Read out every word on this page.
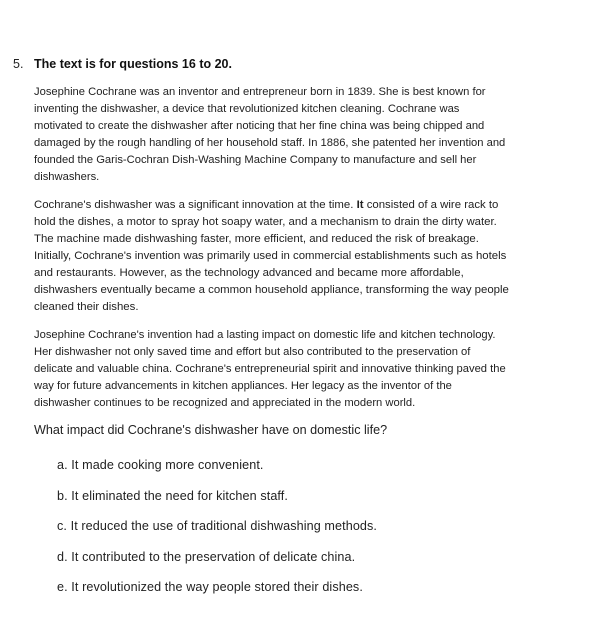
5. The text is for questions 16 to 20.

Josephine Cochrane was an inventor and entrepreneur born in 1839. She is best known for inventing the dishwasher, a device that revolutionized kitchen cleaning. Cochrane was motivated to create the dishwasher after noticing that her fine china was being chipped and damaged by the rough handling of her household staff. In 1886, she patented her invention and founded the Garis-Cochran Dish-Washing Machine Company to manufacture and sell her dishwashers.

Cochrane's dishwasher was a significant innovation at the time. It consisted of a wire rack to hold the dishes, a motor to spray hot soapy water, and a mechanism to drain the dirty water. The machine made dishwashing faster, more efficient, and reduced the risk of breakage. Initially, Cochrane's invention was primarily used in commercial establishments such as hotels and restaurants. However, as the technology advanced and became more affordable, dishwashers eventually became a common household appliance, transforming the way people cleaned their dishes.

Josephine Cochrane's invention had a lasting impact on domestic life and kitchen technology. Her dishwasher not only saved time and effort but also contributed to the preservation of delicate and valuable china. Cochrane's entrepreneurial spirit and innovative thinking paved the way for future advancements in kitchen appliances. Her legacy as the inventor of the dishwasher continues to be recognized and appreciated in the modern world.

What impact did Cochrane's dishwasher have on domestic life?
a. It made cooking more convenient.
b. It eliminated the need for kitchen staff.
c. It reduced the use of traditional dishwashing methods.
d. It contributed to the preservation of delicate china.
e. It revolutionized the way people stored their dishes.
